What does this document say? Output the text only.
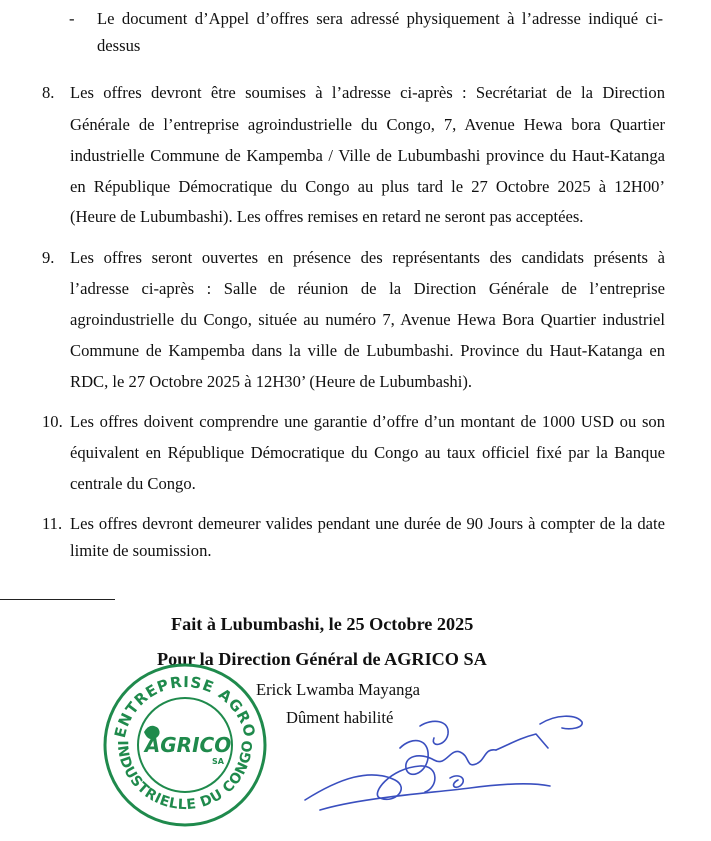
- Le document d’Appel d’offres sera adressé physiquement à l’adresse indiqué ci-
dessus
8. Les offres devront être soumises à l’adresse ci-après : Secrétariat de la Direction
Générale de l’entreprise agroindustrielle du Congo, 7, Avenue Hewa bora Quartier
industrielle Commune de Kampemba / Ville de Lubumbashi province du Haut-Katanga
en République Démocratique du Congo au plus tard le 27 Octobre 2025 à 12H00’
(Heure de Lubumbashi). Les offres remises en retard ne seront pas acceptées.
9. Les offres seront ouvertes en présence des représentants des candidats présents à
l’adresse ci-après : Salle de réunion de la Direction Générale de l’entreprise
agroindustrielle du Congo, située au numéro 7, Avenue Hewa Bora Quartier industriel
Commune de Kampemba dans la ville de Lubumbashi. Province du Haut-Katanga en
RDC, le 27 Octobre 2025 à 12H30’ (Heure de Lubumbashi).
10. Les offres doivent comprendre une garantie d’offre d’un montant de 1000 USD ou son
équivalent en République Démocratique du Congo au taux officiel fixé par la Banque
centrale du Congo.
11. Les offres devront demeurer valides pendant une durée de 90 Jours à compter de la date
limite de soumission.
Fait à Lubumbashi, le 25 Octobre 2025
Pour la Direction Général de AGRICO SA
Erick Lwamba Mayanga
Dûment habilité
ENTREPRISE AGRO
INDUSTRIELLE DU CONGO
AGRICO
SA
